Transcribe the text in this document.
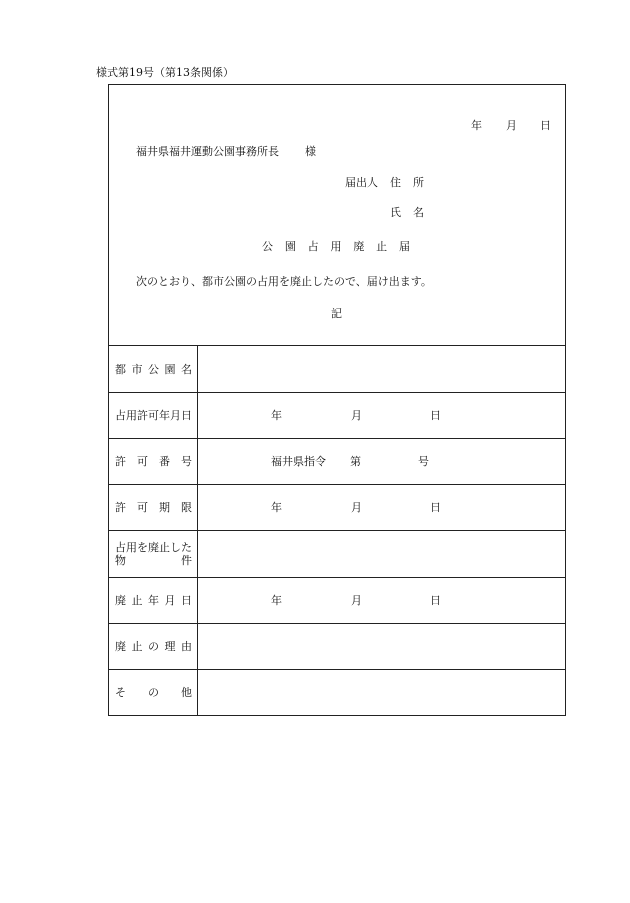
様式第19号（第13条関係）
年 月 日
福井県福井運動公園事務所長 様
届出人 住 所
氏 名
公 園 占 用 廃 止 届
次のとおり、都市公園の占用を廃止したので、届け出ます。
記
都 市 公 園 名
占用許可年月日	年	月	日
許 可 番 号	福井県指令 第	号
許 可 期 限	年	月	日
占用を廃止した
物	件
廃 止 年 月 日	年	月	日
廃 止 の 理 由
そ の 他
